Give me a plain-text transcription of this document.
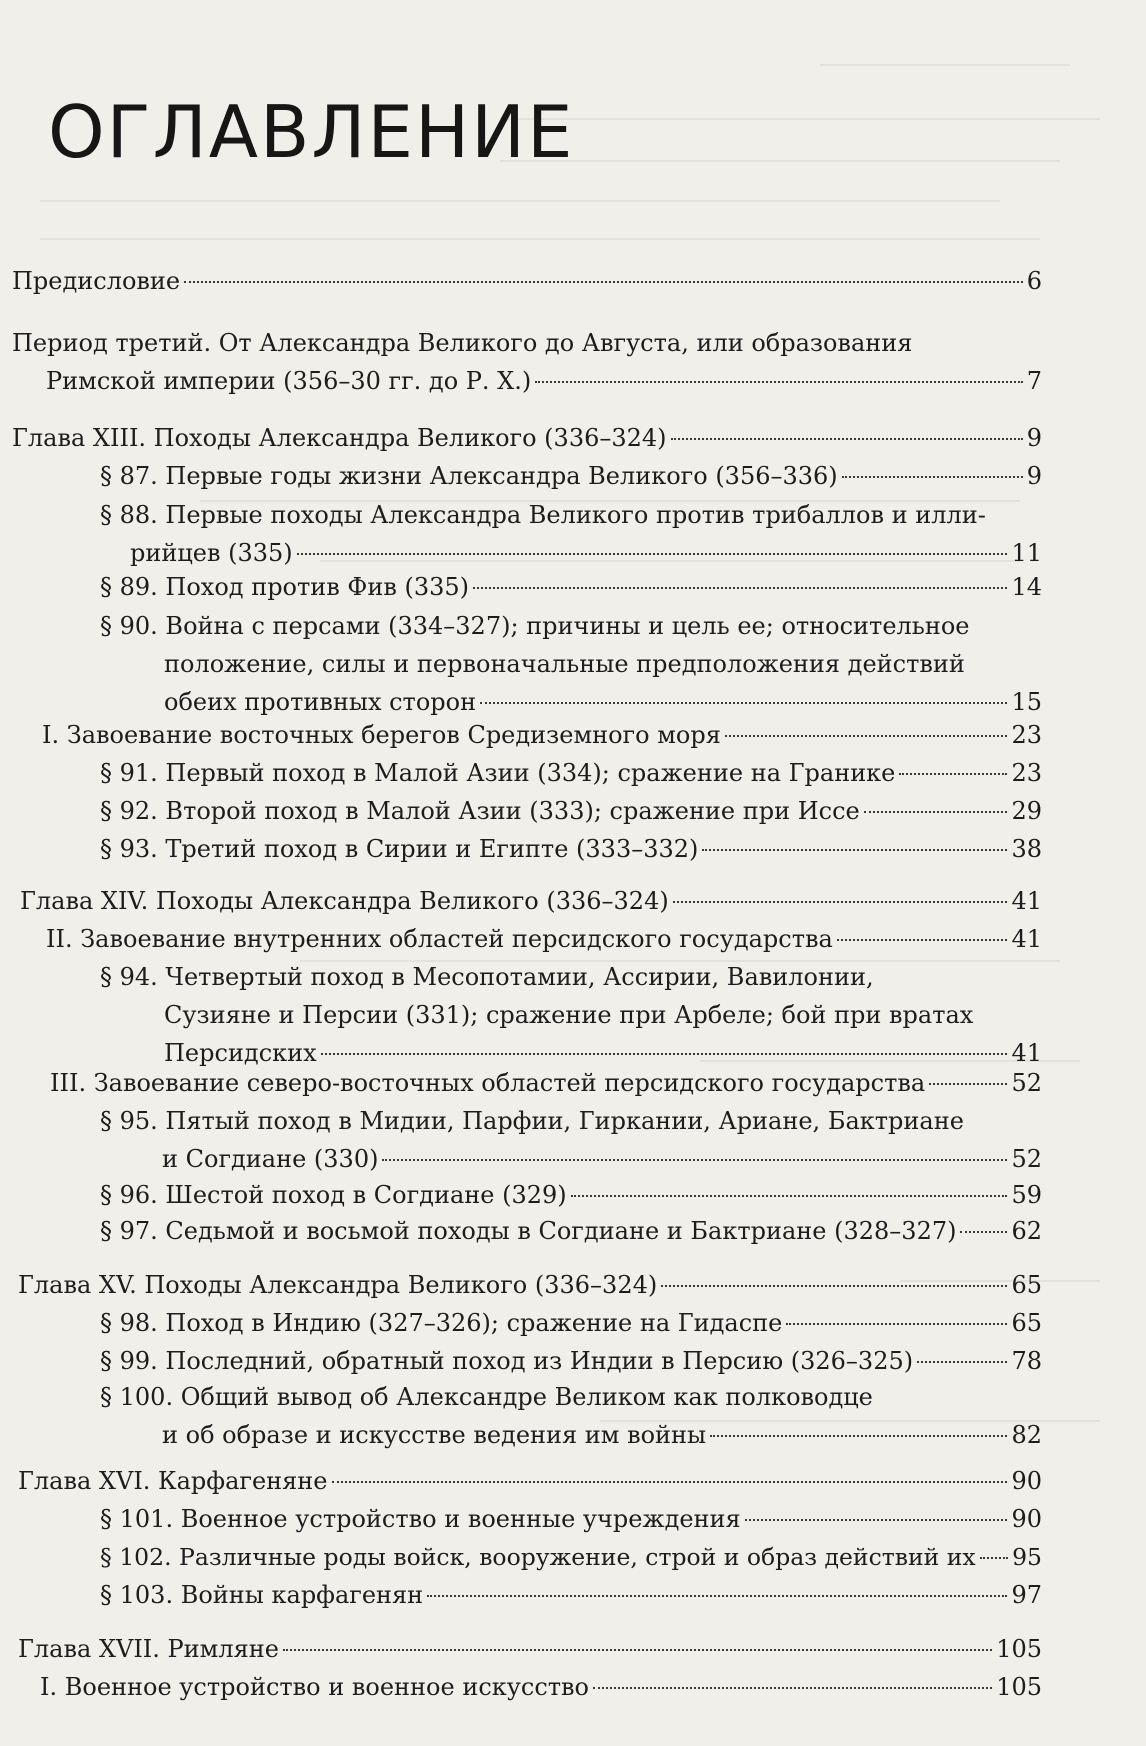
ОГЛАВЛЕНИЕ
Предисловие	6
Период третий. От Александра Великого до Августа, или образования
Римской империи (356–30 гг. до Р. Х.)	7
Глава XIII. Походы Александра Великого (336–324)	9
§ 87. Первые годы жизни Александра Великого (356–336)	9
§ 88. Первые походы Александра Великого против трибаллов и илли-
рийцев (335)	11
§ 89. Поход против Фив (335)	14
§ 90. Война с персами (334–327); причины и цель ее; относительное
положение, силы и первоначальные предположения действий
обеих противных сторон	15
I. Завоевание восточных берегов Средиземного моря	23
§ 91. Первый поход в Малой Азии (334); сражение на Гранике	23
§ 92. Второй поход в Малой Азии (333); сражение при Иссе	29
§ 93. Третий поход в Сирии и Египте (333–332)	38
Глава XIV. Походы Александра Великого (336–324)	41
II. Завоевание внутренних областей персидского государства	41
§ 94. Четвертый поход в Месопотамии, Ассирии, Вавилонии,
Сузияне и Персии (331); сражение при Арбеле; бой при вратах
Персидских	41
III. Завоевание северо-восточных областей персидского государства	52
§ 95. Пятый поход в Мидии, Парфии, Гиркании, Ариане, Бактриане
и Согдиане (330)	52
§ 96. Шестой поход в Согдиане (329)	59
§ 97. Седьмой и восьмой походы в Согдиане и Бактриане (328–327) 62
Глава XV. Походы Александра Великого (336–324)	65
§ 98. Поход в Индию (327–326); сражение на Гидаспе	65
§ 99. Последний, обратный поход из Индии в Персию (326–325)	78
§ 100. Общий вывод об Александре Великом как полководце
и об образе и искусстве ведения им войны	82
Глава XVI. Карфагеняне	90
§ 101. Военное устройство и военные учреждения	90
§ 102. Различные роды войск, вооружение, строй и образ действий их 95
§ 103. Войны карфагенян	97
Глава XVII. Римляне	105
I. Военное устройство и военное искусство	105
